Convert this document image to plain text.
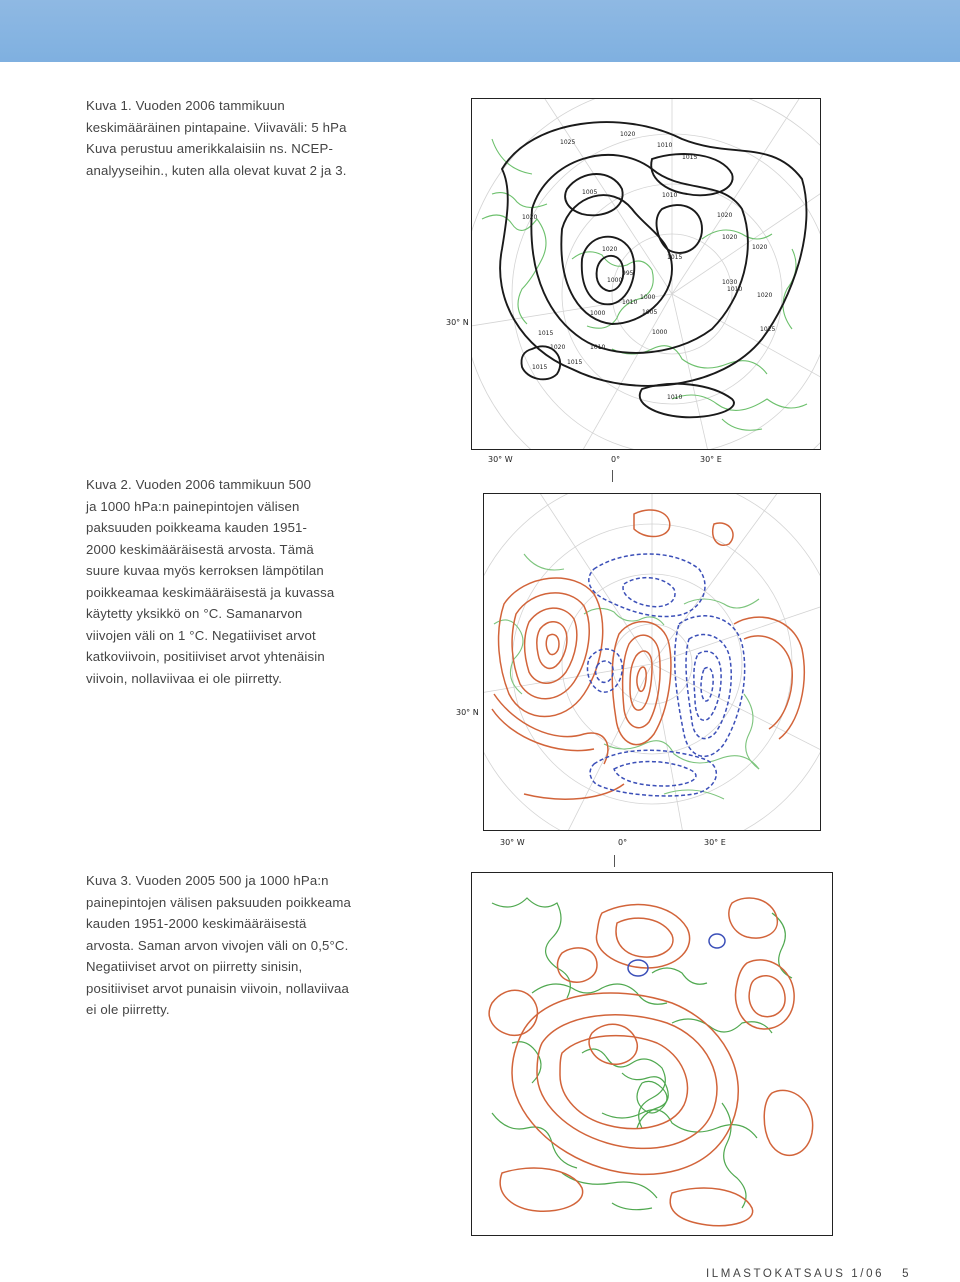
Kuva 1. Vuoden 2006 tammikuun

keskimääräinen pintapaine. Viivaväli: 5 hPa

Kuva perustuu amerikkalaisiin ns. NCEP-

analyyseihin., kuten alla olevat kuvat 2 ja 3.

1025
1020
1010
1015
1020
1005	1010
1020
1020
1015
1000
1010
1000
1015
1020
1010
1005
1025
1000
995
1000
1015
1010
1015
1020
1030
1020
1010
1020
30° N
30° W	0°	30° E

Kuva 2. Vuoden 2006 tammikuun 500

ja 1000 hPa:n painepintojen välisen

paksuuden poikkeama kauden 1951-

2000 keskimääräisestä arvosta. Tämä

suure kuvaa myös kerroksen lämpötilan

poikkeamaa keskimääräisestä ja kuvassa

käytetty yksikkö on °C. Samanarvon

viivojen väli on 1 °C. Negatiiviset arvot

katkoviivoin, positiiviset arvot yhtenäisin

viivoin, nollaviivaa ei ole piirretty.

30° N
30° W	0°	30° E

Kuva 3. Vuoden 2005 500 ja 1000 hPa:n

painepintojen välisen paksuuden poikkeama

kauden 1951-2000 keskimääräisestä

arvosta. Saman arvon vivojen väli on 0,5°C.

Negatiiviset arvot on piirretty sinisin,

positiiviset arvot punaisin viivoin, nollaviivaa

ei ole piirretty.

ILMASTOKATSAUS 1/06 5
